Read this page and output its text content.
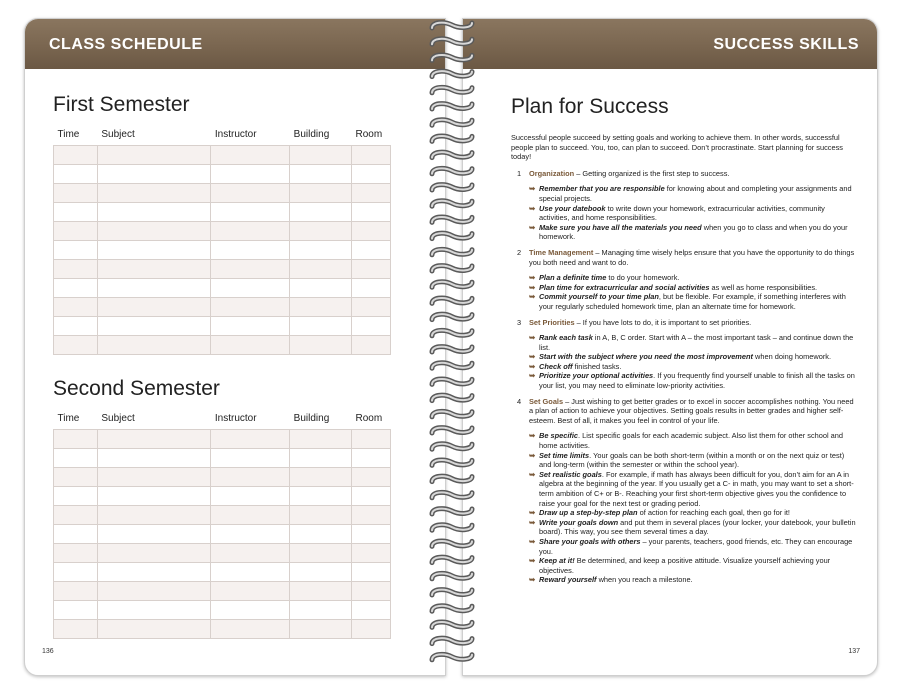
CLASS SCHEDULE
First Semester
Time	Subject	Instructor	Building	Room

Second Semester
Time	Subject	Instructor	Building	Room

136
SUCCESS SKILLS
Plan for Success

Successful people succeed by setting goals and working to achieve them. In other words, successful people plan to succeed. You, too, can plan to succeed. Don’t procrastinate. Start planning for success today!

1 Organization – Getting organized is the first step to success.
➥ Remember that you are responsible for knowing about and completing your assignments and special projects.
➥ Use your datebook to write down your homework, extracurricular activities, community activities, and home responsibilities.
➥ Make sure you have all the materials you need when you go to class and when you do your homework.
2 Time Management – Managing time wisely helps ensure that you have the opportunity to do things you both need and want to do.
➥ Plan a definite time to do your homework.
➥ Plan time for extracurricular and social activities as well as home responsibilities.
➥ Commit yourself to your time plan, but be flexible. For example, if something interferes with your regularly scheduled homework time, plan an alternate time for homework.
3 Set Priorities – If you have lots to do, it is important to set priorities.
➥ Rank each task in A, B, C order. Start with A – the most important task – and continue down the list.
➥ Start with the subject where you need the most improvement when doing homework.
➥ Check off finished tasks.
➥ Prioritize your optional activities. If you frequently find yourself unable to finish all the tasks on your list, you may need to eliminate low-priority activities.
4 Set Goals – Just wishing to get better grades or to excel in soccer accomplishes nothing. You need a plan of action to achieve your objectives. Setting goals results in better grades and higher self-esteem. Best of all, it makes you feel in control of your life.
➥ Be specific. List specific goals for each academic subject. Also list them for other school and home activities.
➥ Set time limits. Your goals can be both short-term (within a month or on the next quiz or test) and long-term (within the semester or within the school year).
➥ Set realistic goals. For example, if math has always been difficult for you, don’t aim for an A in algebra at the beginning of the year. If you usually get a C- in math, you may want to set a short-term ambition of C+ or B-. Reaching your first short-term objective gives you the confidence to raise your goal for the next test or grading period.
➥ Draw up a step-by-step plan of action for reaching each goal, then go for it!
➥ Write your goals down and put them in several places (your locker, your datebook, your bulletin board). This way, you see them several times a day.
➥ Share your goals with others – your parents, teachers, good friends, etc. They can encourage you.
➥ Keep at it! Be determined, and keep a positive attitude. Visualize yourself achieving your objectives.
➥ Reward yourself when you reach a milestone.
137
